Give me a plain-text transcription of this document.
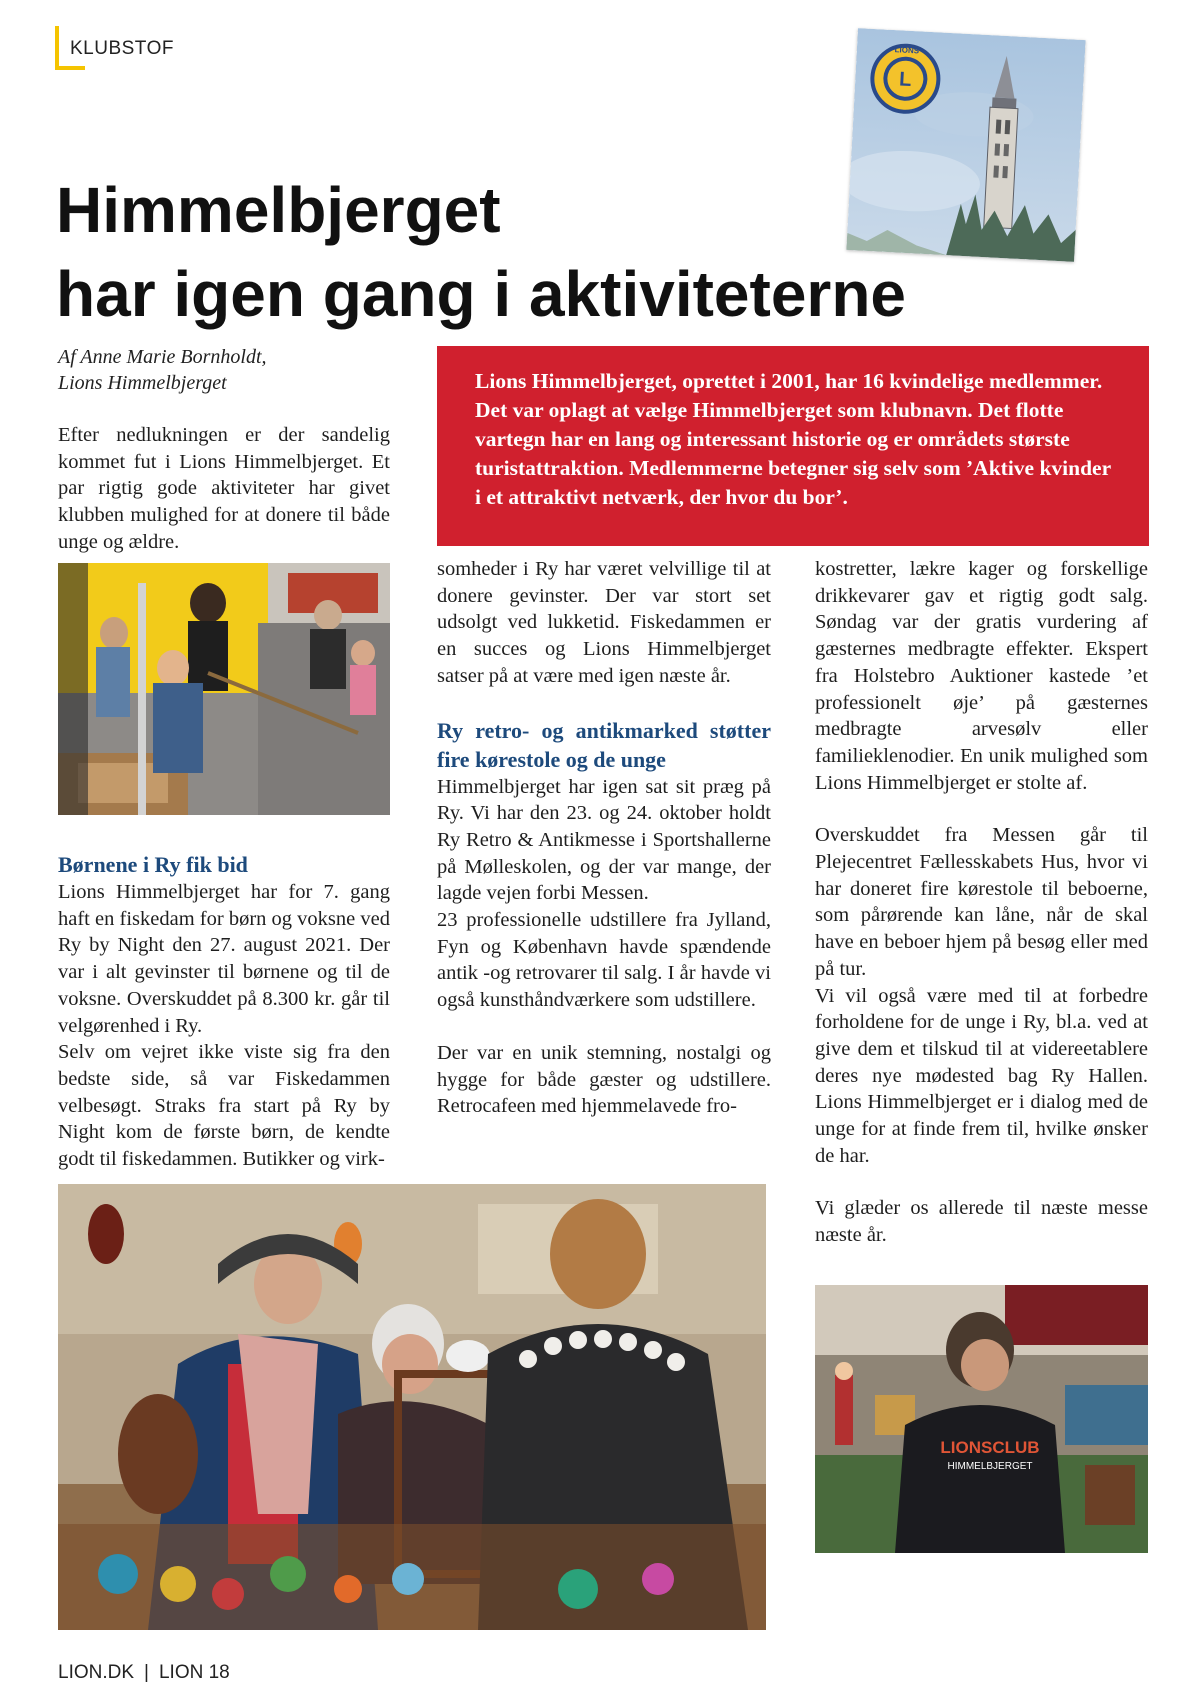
KLUBSTOF
L
LIONS
Himmelbjerget
har igen gang i aktiviteterne
Af Anne Marie Bornholdt,
Lions Himmelbjerget

Efter nedlukningen er der sandelig kommet fut i Lions Himmelbjerget. Et par rigtig gode aktiviteter har givet klubben mulighed for at donere til både unge og ældre.

Lions Himmelbjerget, oprettet i 2001, har 16 kvindelige medlemmer. Det var oplagt at vælge Himmelbjerget som klubnavn. Det flotte vartegn har en lang og interessant historie og er områdets største turistattraktion. Medlemmerne betegner sig selv som ’Aktive kvinder i et attraktivt netværk, der hvor du bor’.

Børnene i Ry fik bid

Lions Himmelbjerget har for 7. gang haft en fiskedam for børn og voksne ved Ry by Night den 27. august 2021. Der var i alt gevinster til børnene og til de voksne. Overskuddet på 8.300 kr. går til velgørenhed i Ry.

Selv om vejret ikke viste sig fra den bedste side, så var Fiskedammen velbesøgt. Straks fra start på Ry by Night kom de første børn, de kendte godt til fiskedammen. Butikker og virk-

somheder i Ry har været velvillige til at donere gevinster. Der var stort set udsolgt ved lukketid. Fiskedammen er en succes og Lions Himmelbjerget satser på at være med igen næste år.

Ry retro- og antikmarked støtter fire kørestole og de unge

Himmelbjerget har igen sat sit præg på Ry. Vi har den 23. og 24. oktober holdt Ry Retro & Antikmesse i Sportshallerne på Mølleskolen, og der var mange, der lagde vejen forbi Messen.

23 professionelle udstillere fra Jylland, Fyn og København havde spændende antik -og retrovarer til salg. I år havde vi også kunsthåndværkere som udstillere.

Der var en unik stemning, nostalgi og hygge for både gæster og udstillere. Retrocafeen med hjemmelavede fro-

kostretter, lækre kager og forskellige drikkevarer gav et rigtig godt salg. Søndag var der gratis vurdering af gæsternes medbragte effekter. Ekspert fra Holstebro Auktioner kastede ’et professionelt øje’ på gæsternes medbragte arvesølv eller familieklenodier. En unik mulighed som Lions Himmelbjerget er stolte af.

Overskuddet fra Messen går til Plejecentret Fællesskabets Hus, hvor vi har doneret fire kørestole til beboerne, som pårørende kan låne, når de skal have en beboer hjem på besøg eller med på tur.

Vi vil også være med til at forbedre forholdene for de unge i Ry, bl.a. ved at give dem et tilskud til at videreetablere deres nye mødested bag Ry Hallen. Lions Himmelbjerget er i dialog med de unge for at finde frem til, hvilke ønsker de har.

Vi glæder os allerede til næste messe næste år.

LIONSCLUB
HIMMELBJERGET
LION.DK | LION 18
